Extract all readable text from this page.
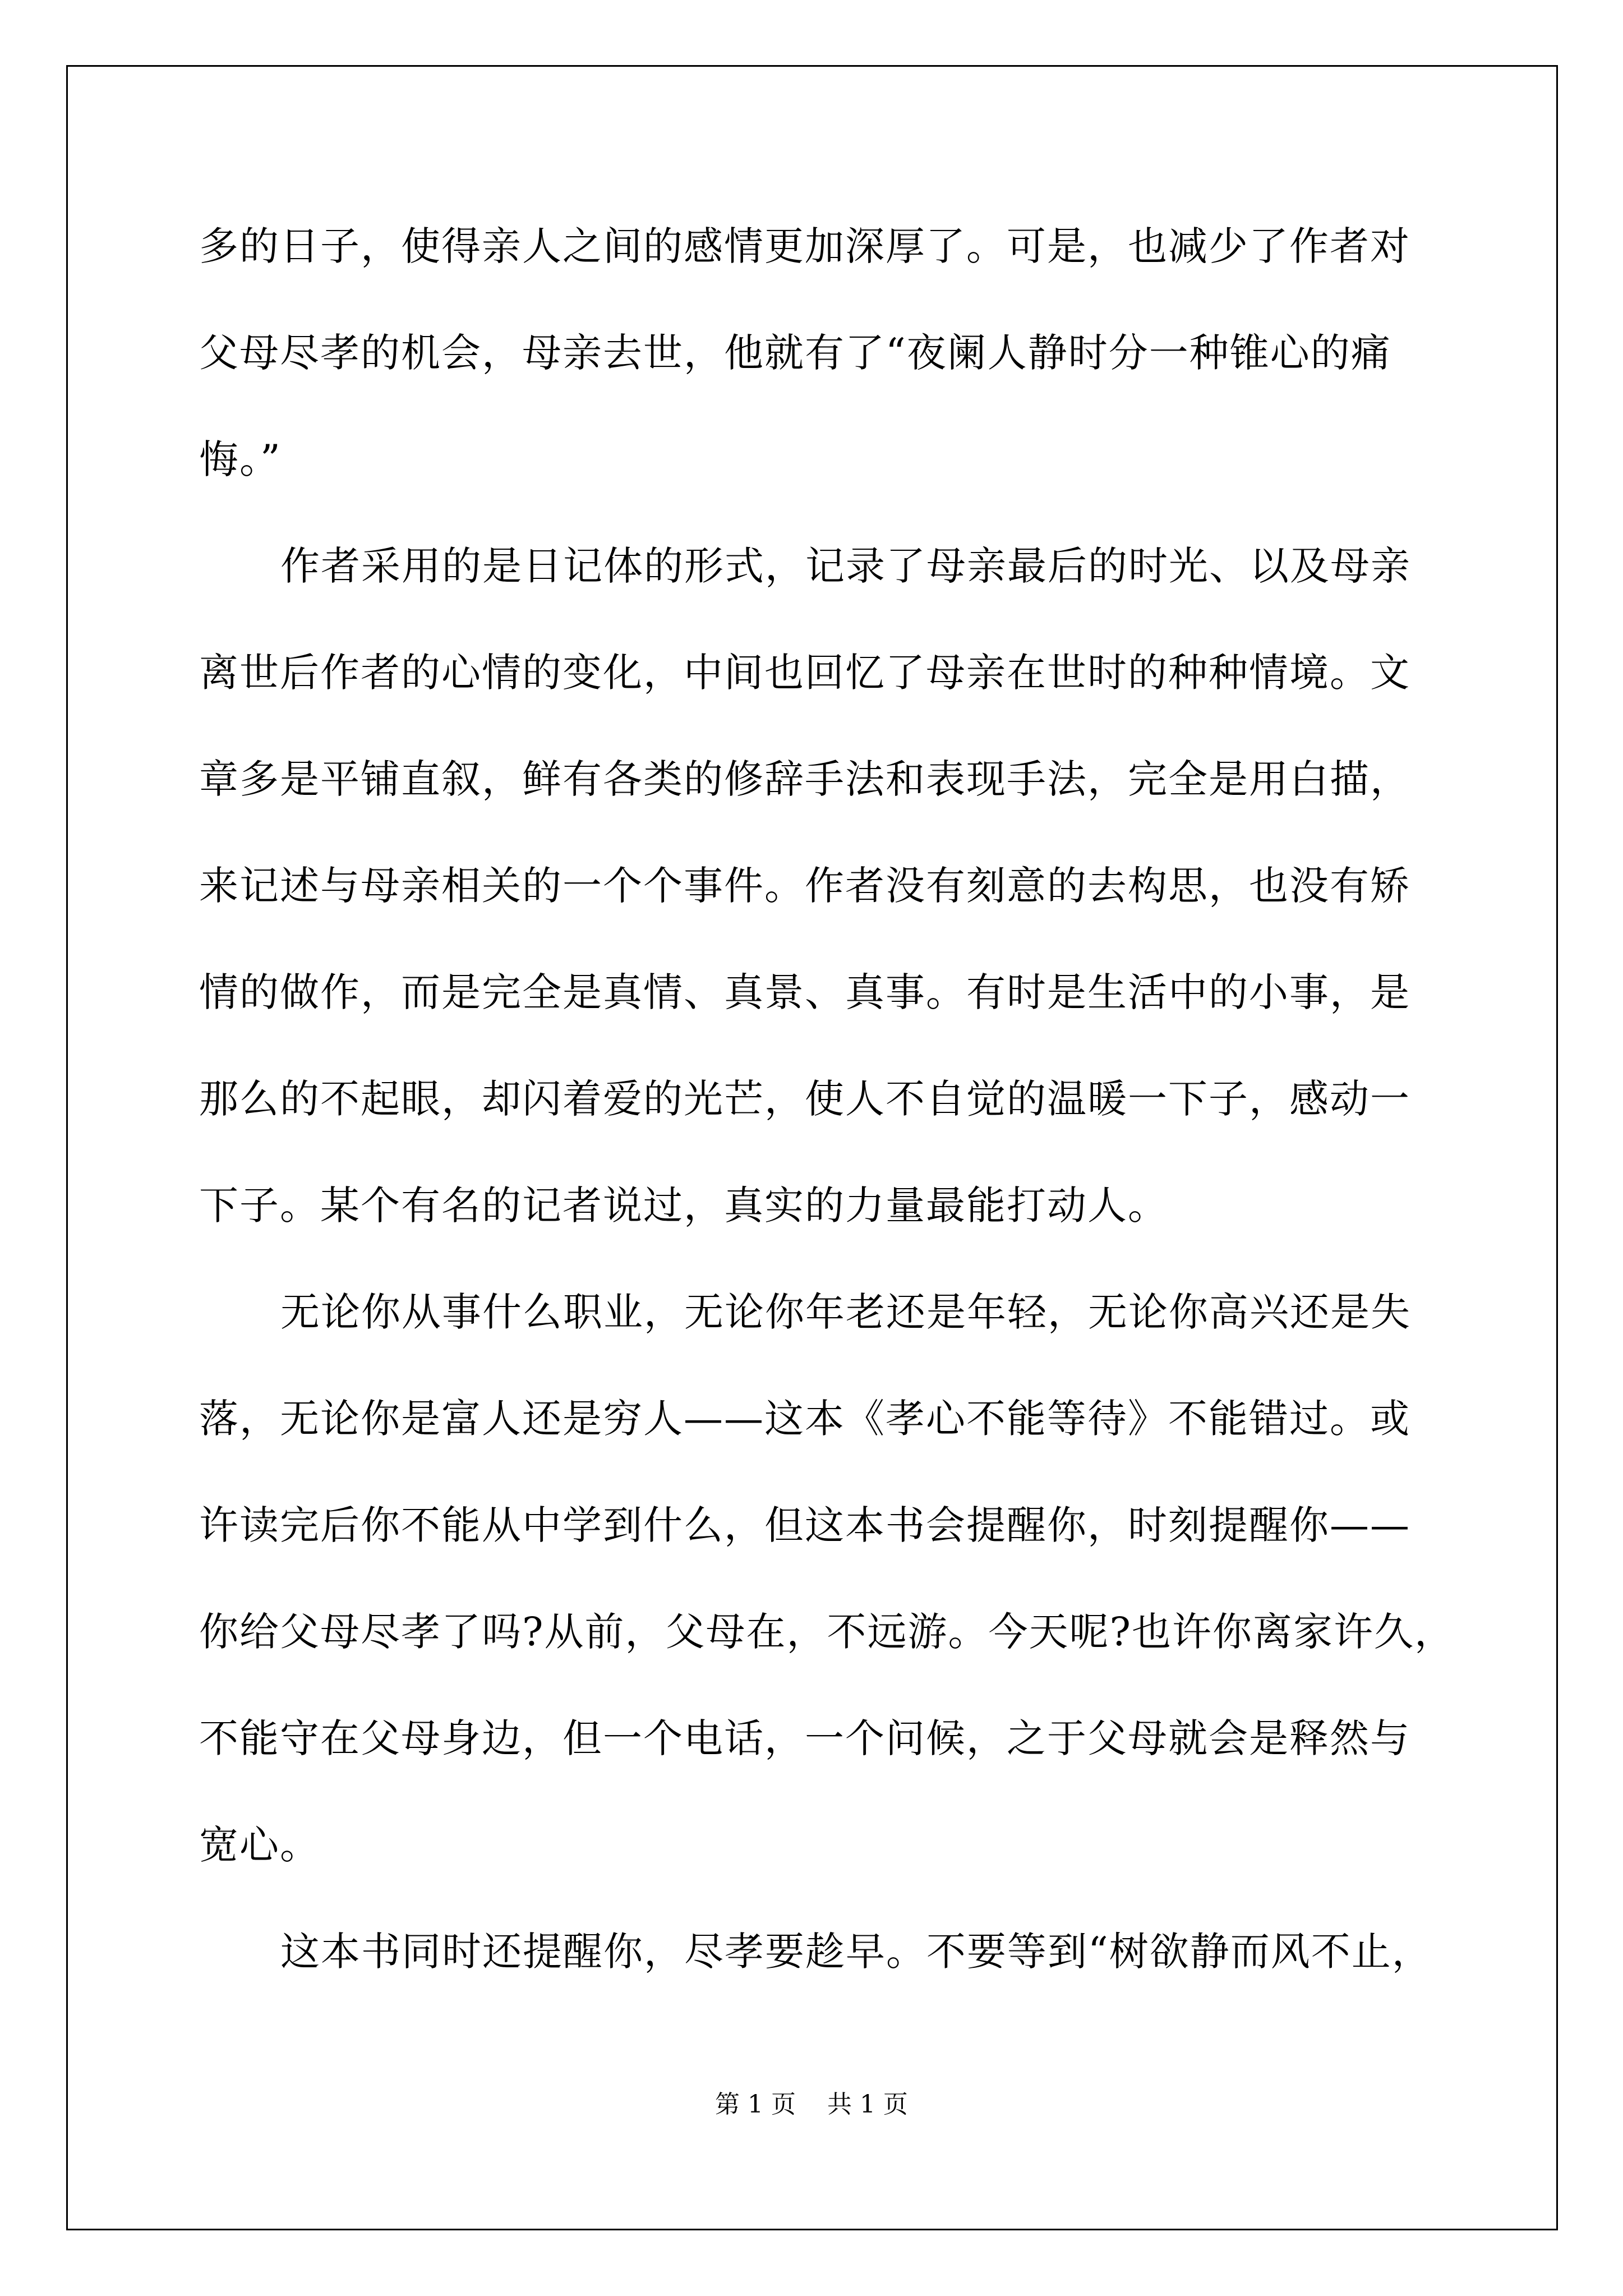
多的日子，使得亲人之间的感情更加深厚了。可是，也减少了作者对
父母尽孝的机会，母亲去世，他就有了“夜阑人静时分一种锥心的痛
悔。”
作者采用的是日记体的形式，记录了母亲最后的时光、以及母亲
离世后作者的心情的变化，中间也回忆了母亲在世时的种种情境。文
章多是平铺直叙，鲜有各类的修辞手法和表现手法，完全是用白描，
来记述与母亲相关的一个个事件。作者没有刻意的去构思，也没有矫
情的做作，而是完全是真情、真景、真事。有时是生活中的小事，是
那么的不起眼，却闪着爱的光芒，使人不自觉的温暖一下子，感动一
下子。某个有名的记者说过，真实的力量最能打动人。
无论你从事什么职业，无论你年老还是年轻，无论你高兴还是失
落，无论你是富人还是穷人——这本《孝心不能等待》不能错过。或
许读完后你不能从中学到什么，但这本书会提醒你，时刻提醒你——
你给父母尽孝了吗?从前，父母在，不远游。今天呢?也许你离家许久，
不能守在父母身边，但一个电话，一个问候，之于父母就会是释然与
宽心。
这本书同时还提醒你，尽孝要趁早。不要等到“树欲静而风不止，
第 1 页    共 1 页
